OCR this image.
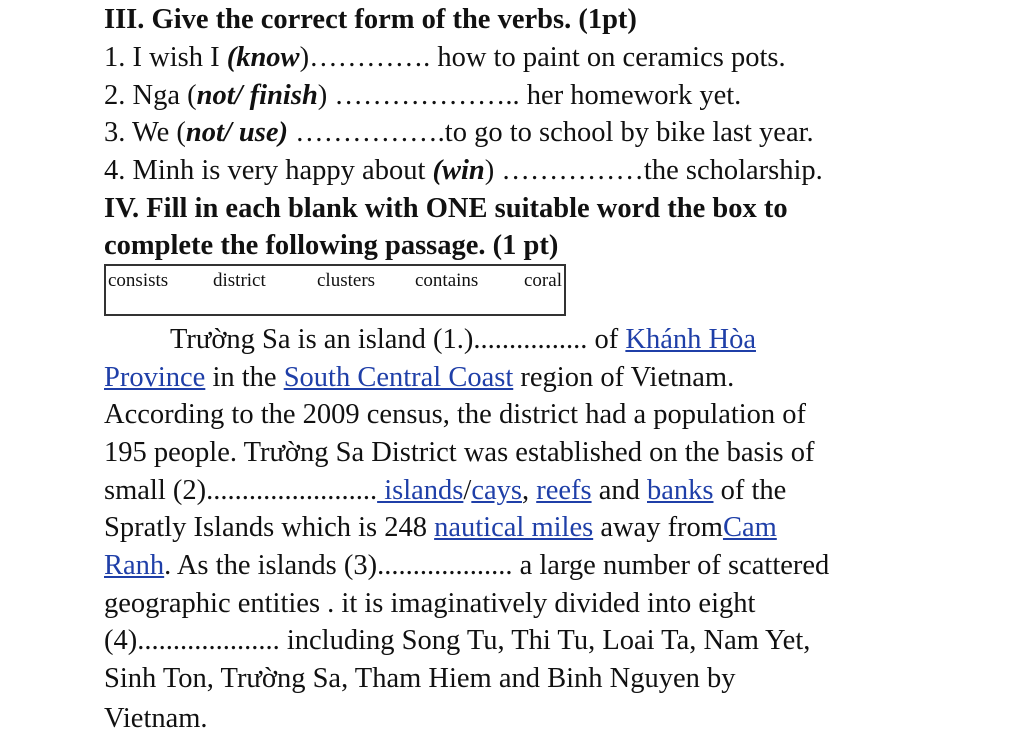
III. Give the correct form of the verbs. (1pt)
1. I wish I (know)…………. how to paint on ceramics pots.
2. Nga (not/ finish) ……………….. her homework yet.
3. We (not/ use) …………….to go to school by bike last year.
4. Minh is very happy about (win) ……………the scholarship.
IV. Fill in each blank with ONE suitable word the box to
complete the following passage. (1 pt)
consists district	clusters contains coral
Trường Sa is an island (1.)................ of Khánh Hòa
Province in the South Central Coast region of Vietnam.
According to the 2009 census, the district had a population of
195 people. Trường Sa District was established on the basis of
small (2)........................ islands/cays, reefs and banks of the
Spratly Islands which is 248 nautical miles away fromCam
Ranh. As the islands (3)................... a large number of scattered
geographic entities . it is imaginatively divided into eight
(4).................... including Song Tu, Thi Tu, Loai Ta, Nam Yet,
Sinh Ton, Trường Sa, Tham Hiem and Binh Nguyen by
Vietnam.
